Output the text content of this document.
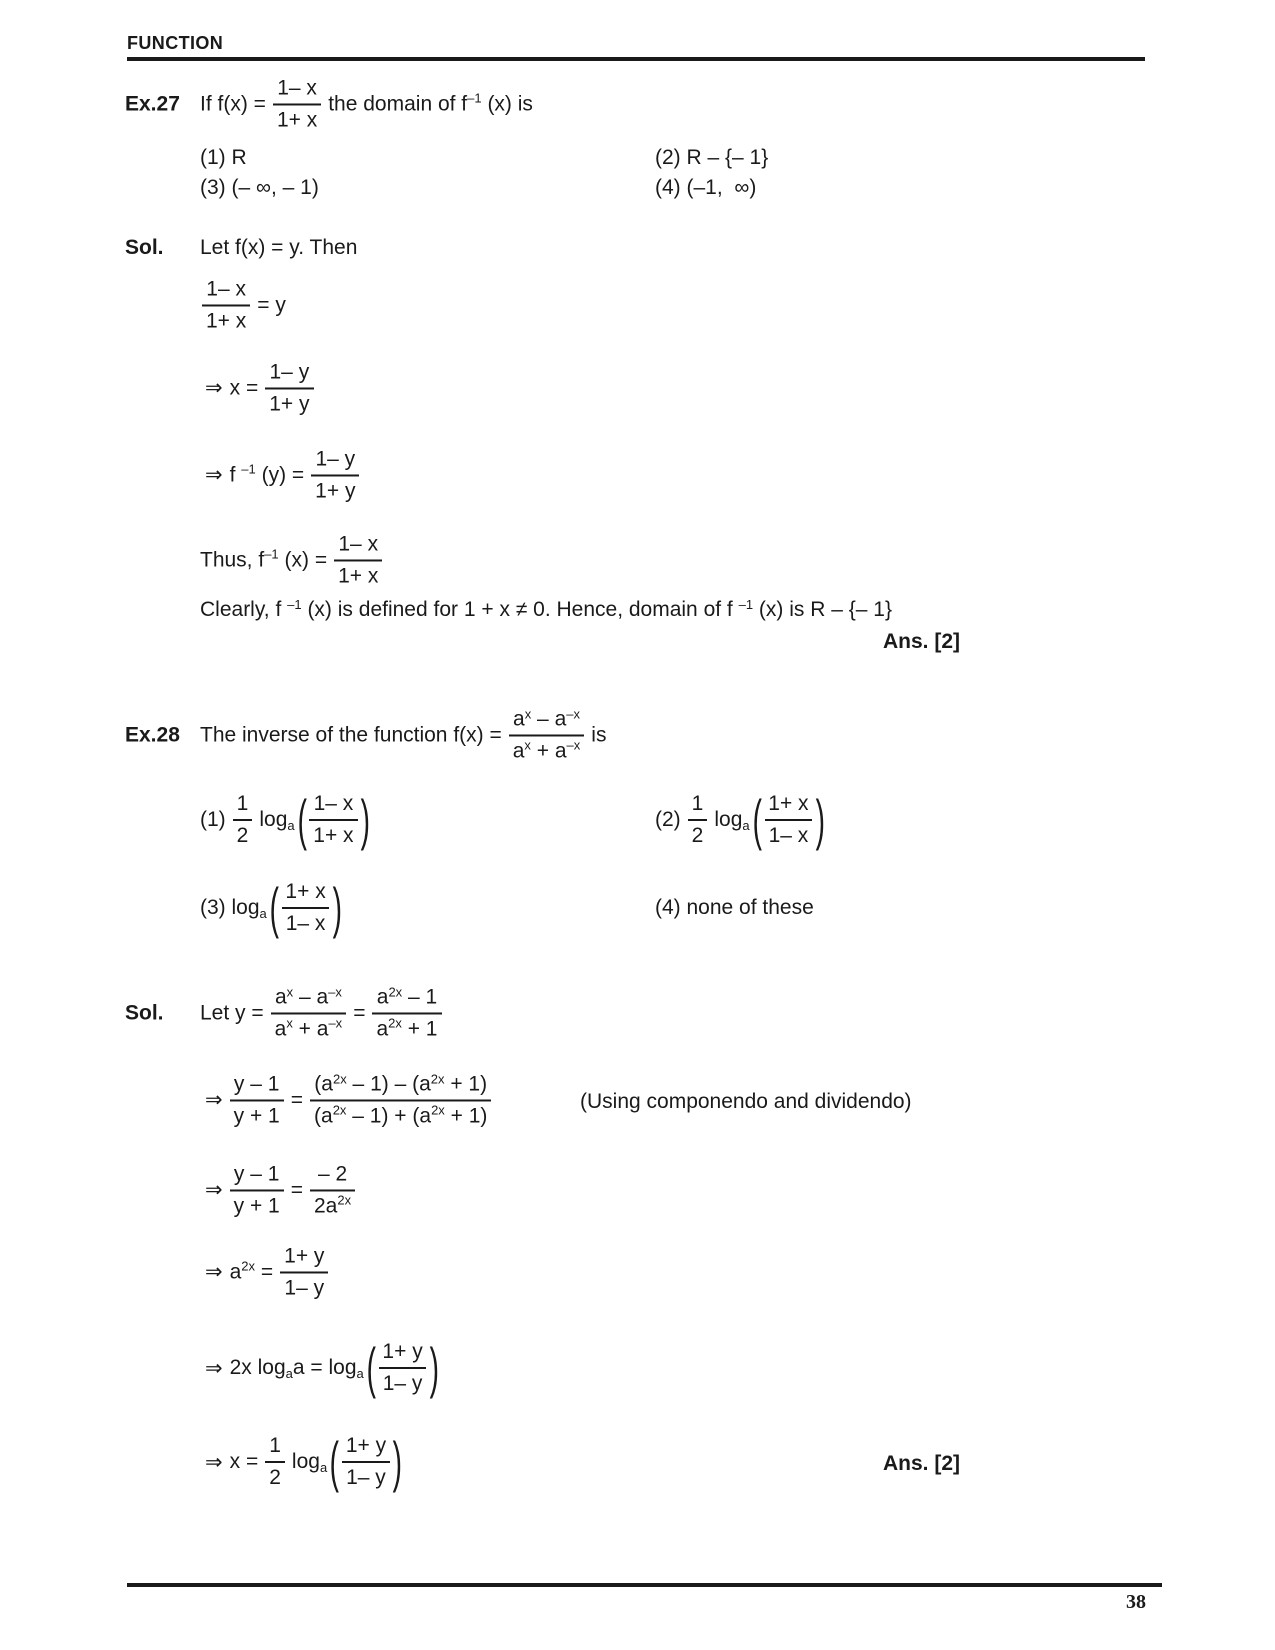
FUNCTION
Ex.27 If $f(x) = \frac{1- x}{1+ x}$ the domain of $f^{-1}$ (x) is
(1) R	(2) R – {– 1}
(3) (– ∞, – 1)	(4) (–1,  ∞)
Sol.	Let f(x) = y. Then
$\frac{1- x}{1+ x} = y$
⇒ $x = \frac{1- y}{1+ y}$
⇒ f $^{-1}$ $(y) = \frac{1- y}{1+ y}$
Thus, $f^{-1}$ $(x) = \frac{1- x}{1+ x}$
Clearly, f $^{-1}$ (x) is defined for 1 + x ≠ 0. Hence, domain of f $^{-1}$ (x) is R – {– 1}
Ans. [2]
Ex.28 The inverse of the function $f(x) = \frac{a^x - a^{-x}}{a^x + a^{-x}}$ is
$(1) \frac{1}{2} \log_a$ ( $\frac{1- x}{1+ x}$ )	$(2) \frac{1}{2} \log_a$ ( $\frac{1+ x}{1- x}$ )
(3) $\log_a$ ( $\frac{1+ x}{1- x}$ )	(4) none of these
Sol.	Let $y = \frac{a^x - a^{-x}}{a^x + a^{-x}} = \frac{a^{2x} - 1}{a^{2x} + 1}$
⇒ $\frac{y - 1}{y + 1} = \frac{(a^{2x} - 1) - (a^{2x} + 1)}{(a^{2x} - 1) + (a^{2x} + 1)}$	(Using componendo and dividendo)
⇒ $\frac{y - 1}{y + 1} = \frac{- 2}{2a^{2x}}$
⇒ $a^{2x} = \frac{1+ y}{1- y}$
⇒ 2x $\log_aa = \log_a$ ( $\frac{1+ y}{1- y}$ )
⇒ $x = \frac{1}{2} \log_a$ ( $\frac{1+ y}{1- y}$ )	Ans. [2]
38
